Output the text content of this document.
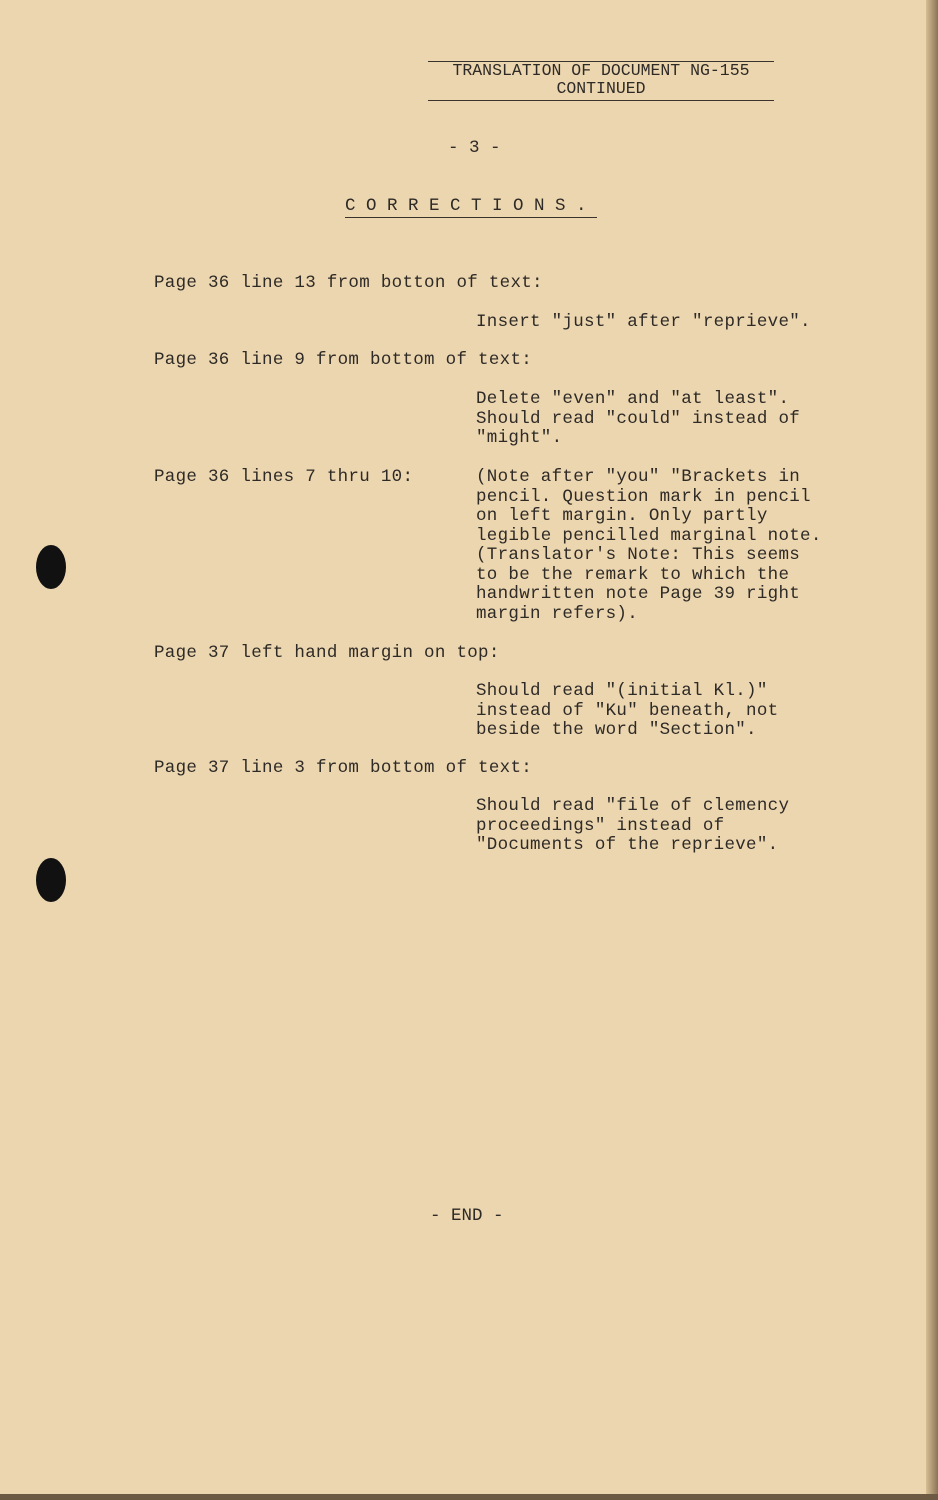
TRANSLATION OF DOCUMENT NG-155
CONTINUED
- 3 -
CORRECTIONS.
Page 36 line 13 from botton of text:
Insert "just" after "reprieve".
Page 36 line 9 from bottom of text:
Delete "even" and "at least".
Should read "could" instead of
"might".
Page 36 lines 7 thru 10:	(Note after "you" "Brackets in
pencil. Question mark in pencil
on left margin. Only partly
legible pencilled marginal note.
(Translator's Note: This seems
to be the remark to which the
handwritten note Page 39 right
margin refers).
Page 37 left hand margin on top:
Should read "(initial Kl.)"
instead of "Ku" beneath, not
beside the word "Section".
Page 37 line 3 from bottom of text:
Should read "file of clemency
proceedings" instead of
"Documents of the reprieve".
- END -
